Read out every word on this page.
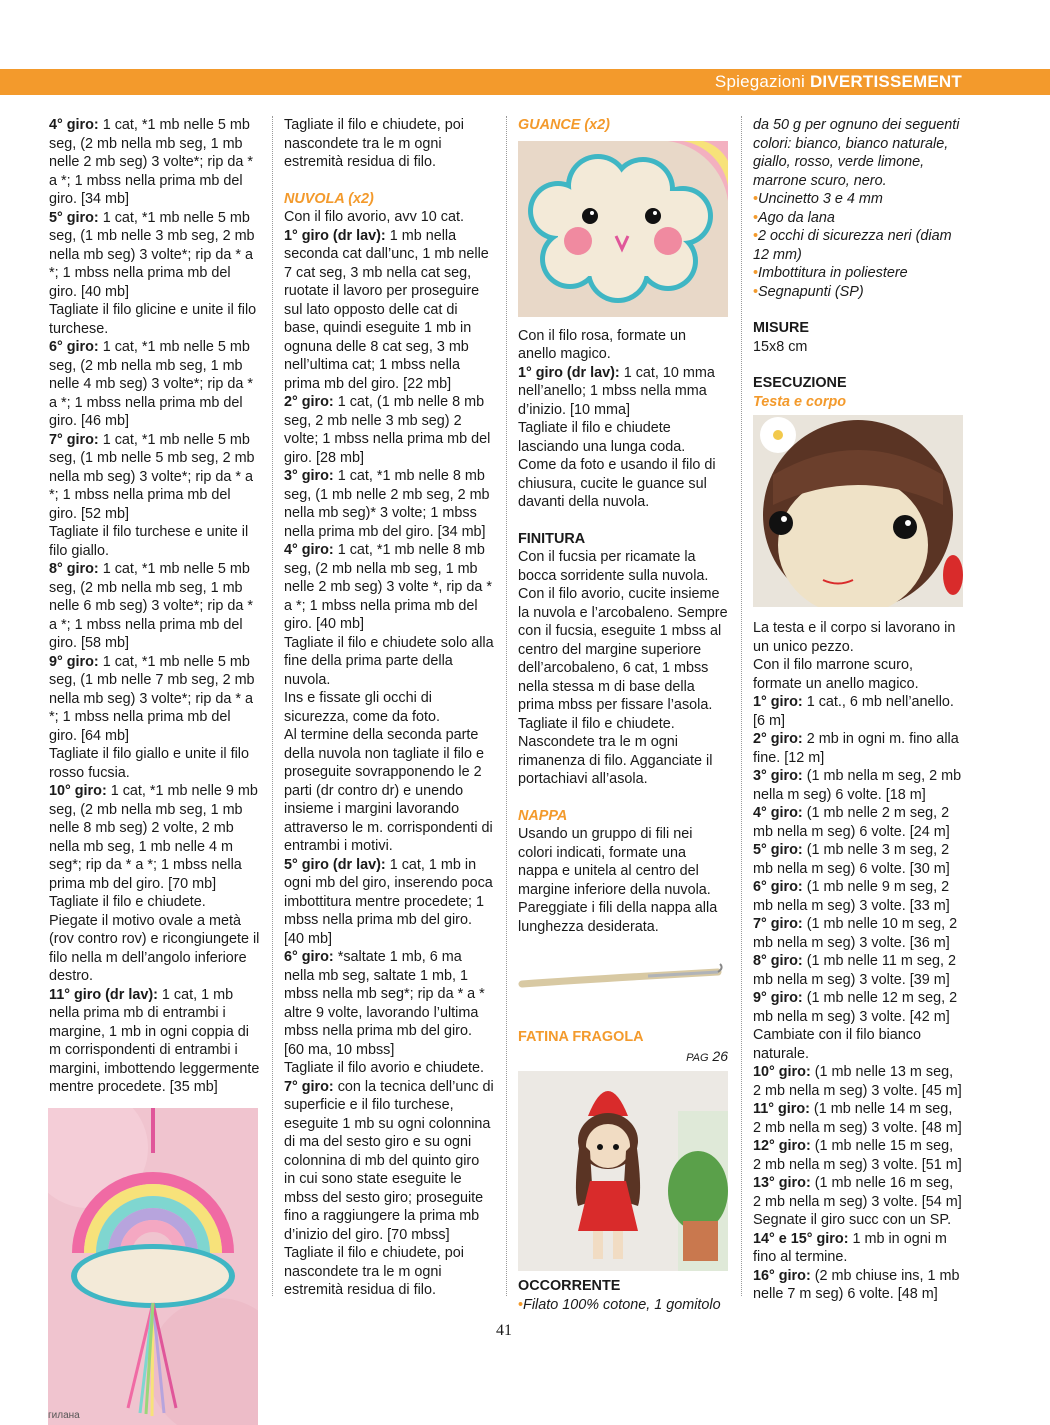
Spiegazioni DIVERTISSEMENT

4° giro: 1 cat, *1 mb nelle 5 mb seg, (2 mb nella mb seg, 1 mb nelle 2 mb seg) 3 volte*; rip da * a *; 1 mbss nella prima mb del giro. [34 mb]

5° giro: 1 cat, *1 mb nelle 5 mb seg, (1 mb nelle 3 mb seg, 2 mb nella mb seg) 3 volte*; rip da * a *; 1 mbss nella prima mb del giro. [40 mb]

Tagliate il filo glicine e unite il filo turchese.

6° giro: 1 cat, *1 mb nelle 5 mb seg, (2 mb nella mb seg, 1 mb nelle 4 mb seg) 3 volte*; rip da * a *; 1 mbss nella prima mb del giro. [46 mb]

7° giro: 1 cat, *1 mb nelle 5 mb seg, (1 mb nelle 5 mb seg, 2 mb nella mb seg) 3 volte*; rip da * a *; 1 mbss nella prima mb del giro. [52 mb]

Tagliate il filo turchese e unite il filo giallo.

8° giro: 1 cat, *1 mb nelle 5 mb seg, (2 mb nella mb seg, 1 mb nelle 6 mb seg) 3 volte*; rip da * a *; 1 mbss nella prima mb del giro. [58 mb]

9° giro: 1 cat, *1 mb nelle 5 mb seg, (1 mb nelle 7 mb seg, 2 mb nella mb seg) 3 volte*; rip da * a *; 1 mbss nella prima mb del giro. [64 mb]

Tagliate il filo giallo e unite il filo rosso fucsia.

10° giro: 1 cat, *1 mb nelle 9 mb seg, (2 mb nella mb seg, 1 mb nelle 8 mb seg) 2 volte, 2 mb nella mb seg, 1 mb nelle 4 m seg*; rip da * a *; 1 mbss nella prima mb del giro. [70 mb]

Tagliate il filo e chiudete.

Piegate il motivo ovale a metà (rov contro rov) e ricongiungete il filo nella m dell’angolo inferiore destro.

11° giro (dr lav): 1 cat, 1 mb nella prima mb di entrambi i margine, 1 mb in ogni coppia di m corrispondenti di entrambi i margini, imbottendo leggermente mentre procedete. [35 mb]

Tagliate il filo e chiudete, poi nascondete tra le m ogni estremità residua di filo.

NUVOLA (x2)

Con il filo avorio, avv 10 cat.

1° giro (dr lav): 1 mb nella seconda cat dall’unc, 1 mb nelle 7 cat seg, 3 mb nella cat seg, ruotate il lavoro per proseguire sul lato opposto delle cat di base, quindi eseguite 1 mb in ognuna delle 8 cat seg, 3 mb nell’ultima cat; 1 mbss nella prima mb del giro. [22 mb]

2° giro: 1 cat, (1 mb nelle 8 mb seg, 2 mb nelle 3 mb seg) 2 volte; 1 mbss nella prima mb del giro. [28 mb]

3° giro: 1 cat, *1 mb nelle 8 mb seg, (1 mb nelle 2 mb seg, 2 mb nella mb seg)* 3 volte; 1 mbss nella prima mb del giro. [34 mb]

4° giro: 1 cat, *1 mb nelle 8 mb seg, (2 mb nella mb seg, 1 mb nelle 2 mb seg) 3 volte *, rip da * a *; 1 mbss nella prima mb del giro. [40 mb]

Tagliate il filo e chiudete solo alla fine della prima parte della nuvola.

Ins e fissate gli occhi di sicurezza, come da foto.

Al termine della seconda parte della nuvola non tagliate il filo e proseguite sovrapponendo le 2 parti (dr contro dr) e unendo insieme i margini lavorando attraverso le m. corrispondenti di entrambi i motivi.

5° giro (dr lav): 1 cat, 1 mb in ogni mb del giro, inserendo poca imbottitura mentre procedete; 1 mbss nella prima mb del giro. [40 mb]

6° giro: *saltate 1 mb, 6 ma nella mb seg, saltate 1 mb, 1 mbss nella mb seg*; rip da * a * altre 9 volte, lavorando l’ultima mbss nella prima mb del giro. [60 ma, 10 mbss]

Tagliate il filo avorio e chiudete.

7° giro: con la tecnica dell’unc di superficie e il filo turchese, eseguite 1 mb su ogni colonnina di ma del sesto giro e su ogni colonnina di mb del quinto giro in cui sono state eseguite le mbss del sesto giro; proseguite fino a raggiungere la prima mb d’inizio del giro. [70 mbss]

Tagliate il filo e chiudete, poi nascondete tra le m ogni estremità residua di filo.

GUANCE (x2)

Con il filo rosa, formate un anello magico.

1° giro (dr lav): 1 cat, 10 mma nell’anello; 1 mbss nella mma d’inizio. [10 mma]

Tagliate il filo e chiudete lasciando una lunga coda.

Come da foto e usando il filo di chiusura, cucite le guance sul davanti della nuvola.

FINITURA

Con il fucsia per ricamate la bocca sorridente sulla nuvola. Con il filo avorio, cucite insieme la nuvola e l’arcobaleno. Sempre con il fucsia, eseguite 1 mbss al centro del margine superiore dell’arcobaleno, 6 cat, 1 mbss nella stessa m di base della prima mbss per fissare l’asola. Tagliate il filo e chiudete. Nascondete tra le m ogni rimanenza di filo. Agganciate il portachiavi all’asola.

NAPPA

Usando un gruppo di fili nei colori indicati, formate una nappa e unitela al centro del margine inferiore della nuvola. Pareggiate i fili della nappa alla lunghezza desiderata.

FATINA FRAGOLA

PAG 26

OCCORRENTE

• Filato 100% cotone, 1 gomitolo

da 50 g per ognuno dei seguenti colori: bianco, bianco naturale, giallo, rosso, verde limone, marrone scuro, nero.

• Uncinetto 3 e 4 mm

• Ago da lana

• 2 occhi di sicurezza neri (diam 12 mm)

• Imbottitura in poliestere

• Segnapunti (SP)

MISURE

15x8 cm

ESECUZIONE

Testa e corpo

La testa e il corpo si lavorano in un unico pezzo.

Con il filo marrone scuro, formate un anello magico.

1° giro: 1 cat., 6 mb nell’anello. [6 m]

2° giro: 2 mb in ogni m. fino alla fine. [12 m]

3° giro: (1 mb nella m seg, 2 mb nella m seg) 6 volte. [18 m]

4° giro: (1 mb nelle 2 m seg, 2 mb nella m seg) 6 volte. [24 m]

5° giro: (1 mb nelle 3 m seg, 2 mb nella m seg) 6 volte. [30 m]

6° giro: (1 mb nelle 9 m seg, 2 mb nella m seg) 3 volte. [33 m]

7° giro: (1 mb nelle 10 m seg, 2 mb nella m seg) 3 volte. [36 m]

8° giro: (1 mb nelle 11 m seg, 2 mb nella m seg) 3 volte. [39 m]

9° giro: (1 mb nelle 12 m seg, 2 mb nella m seg) 3 volte. [42 m]

Cambiate con il filo bianco naturale.

10° giro: (1 mb nelle 13 m seg, 2 mb nella m seg) 3 volte. [45 m]

11° giro: (1 mb nelle 14 m seg, 2 mb nella m seg) 3 volte. [48 m]

12° giro: (1 mb nelle 15 m seg, 2 mb nella m seg) 3 volte. [51 m]

13° giro: (1 mb nelle 16 m seg, 2 mb nella m seg) 3 volte. [54 m]

Segnate il giro succ con un SP.

14° e 15° giro: 1 mb in ogni m fino al termine.

16° giro: (2 mb chiuse ins, 1 mb nelle 7 m seg) 6 volte. [48 m]

41
гилана
